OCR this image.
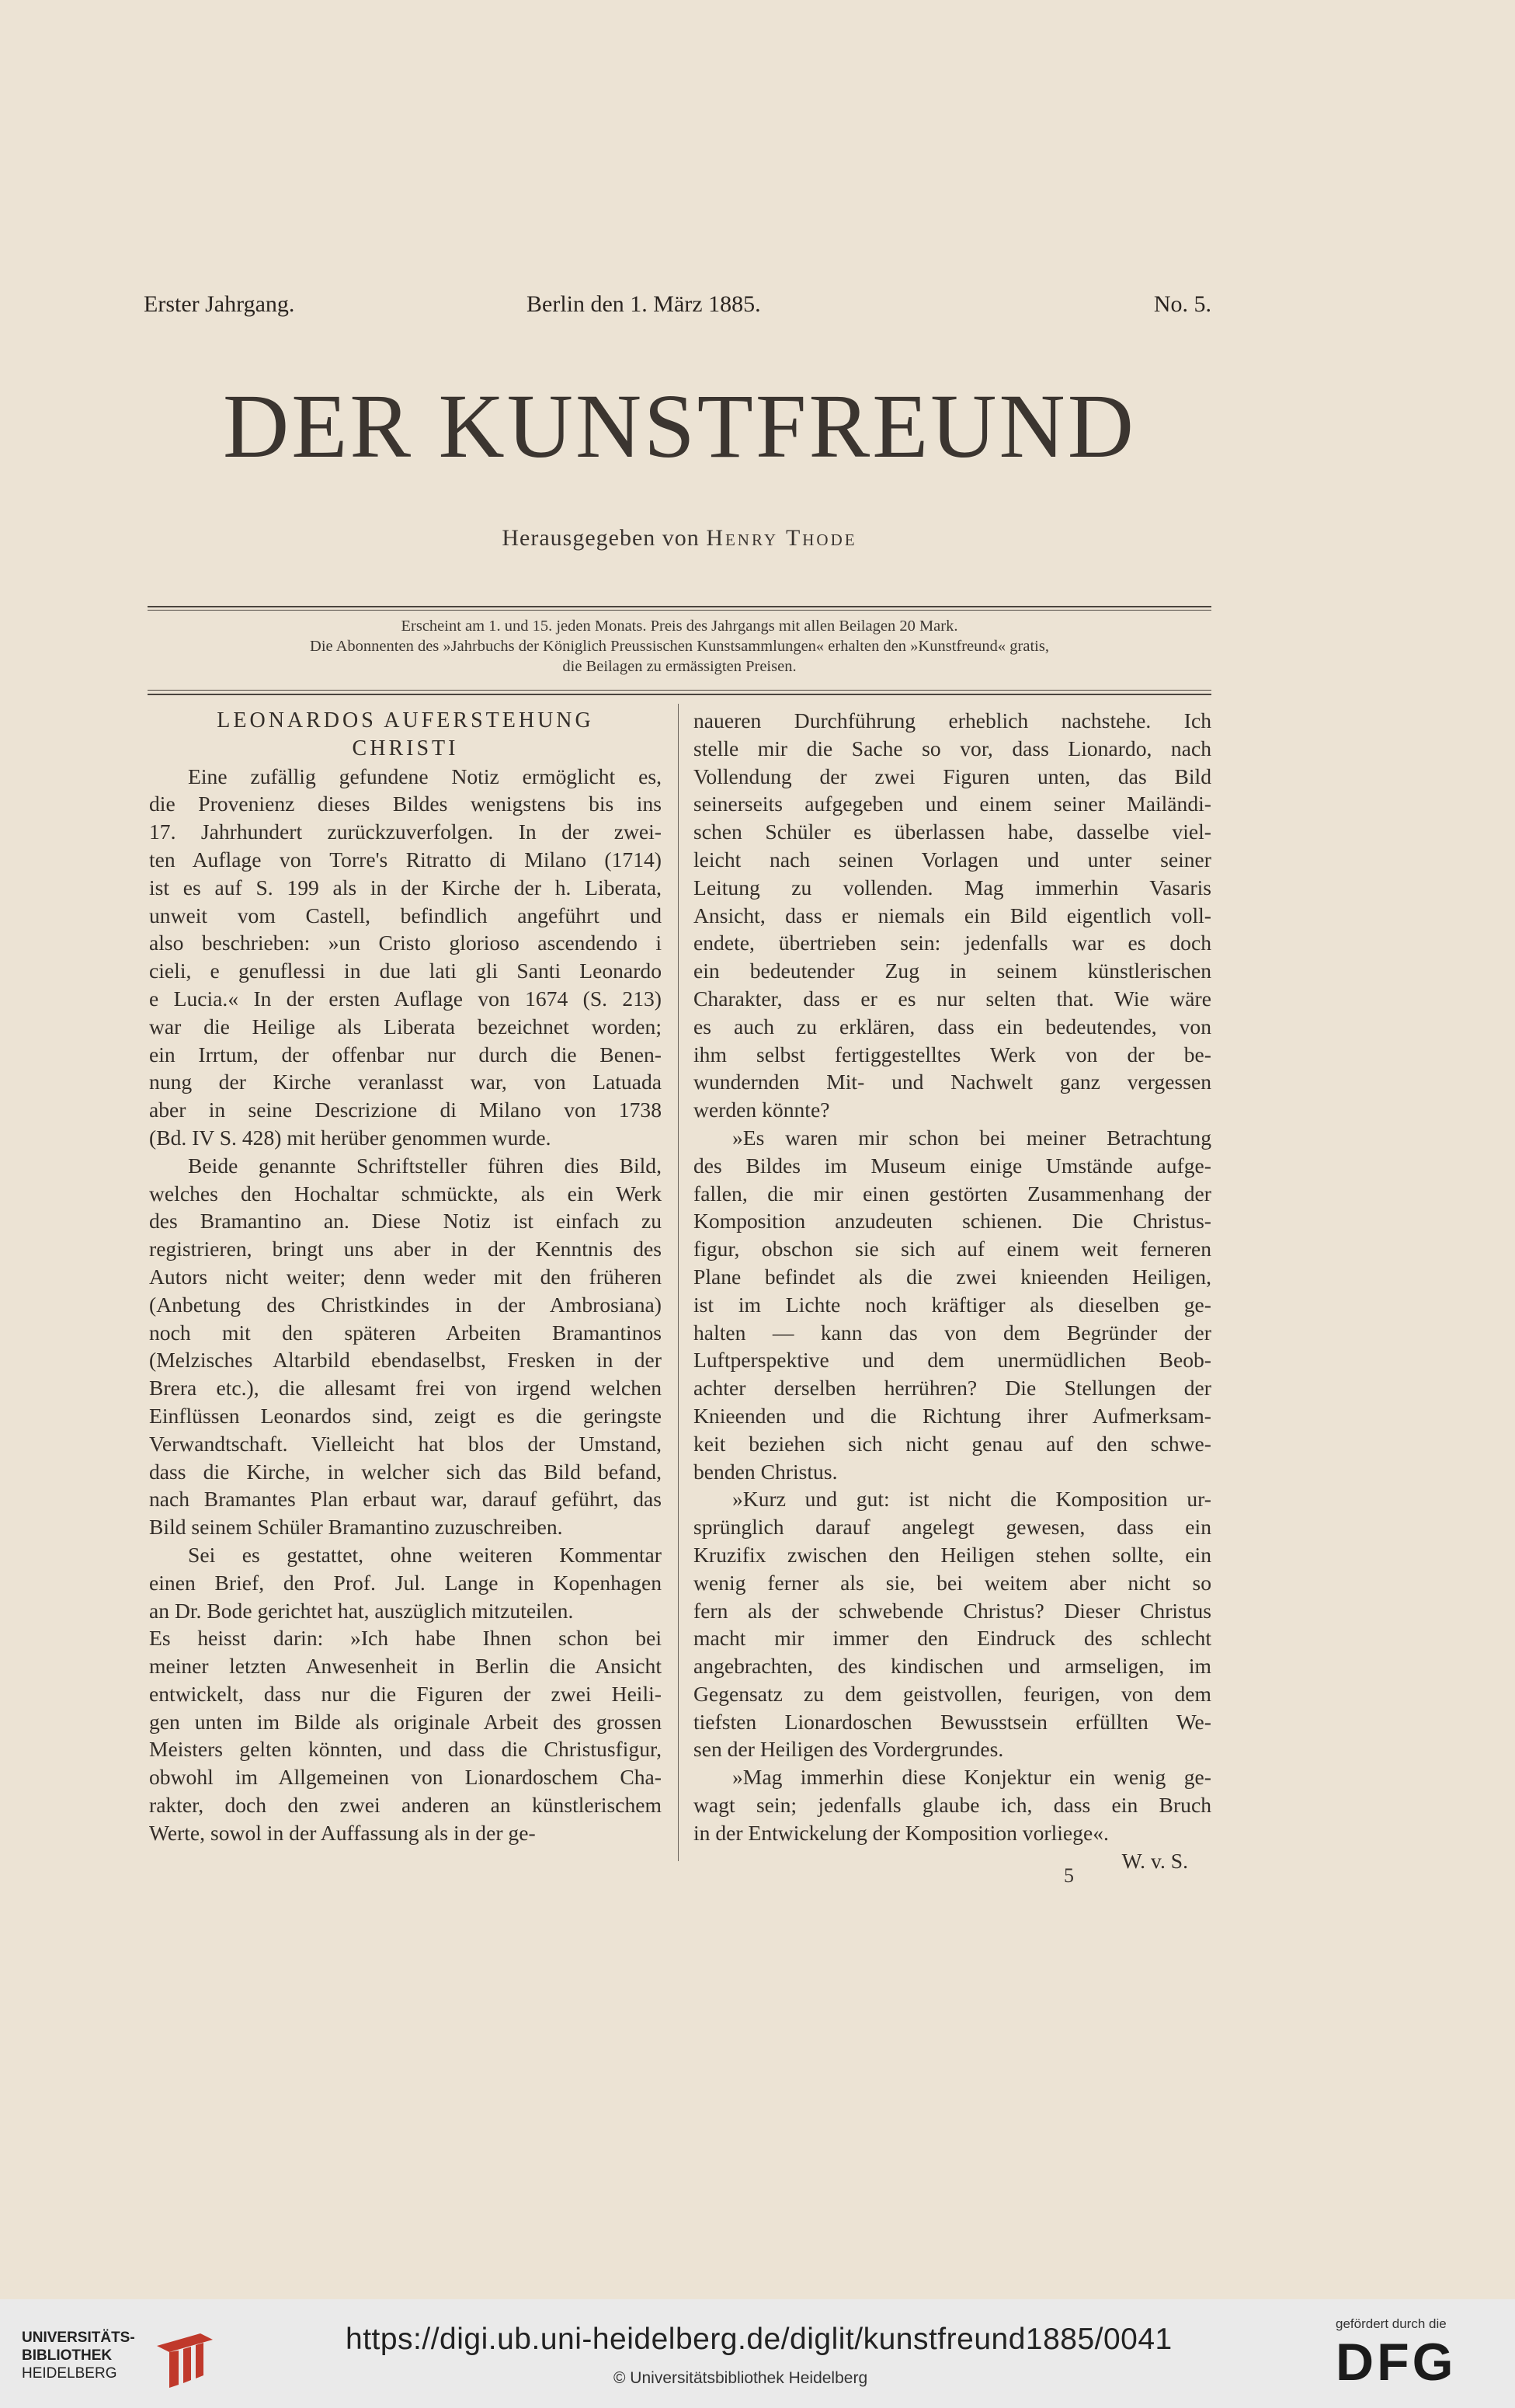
Erster Jahrgang.	Berlin den 1. März 1885.	No. 5.
DER KUNSTFREUND
Herausgegeben von Henry Thode
Erscheint am 1. und 15. jeden Monats. Preis des Jahrgangs mit allen Beilagen 20 Mark.
Die Abonnenten des »Jahrbuchs der Königlich Preussischen Kunstsammlungen« erhalten den »Kunstfreund« gratis,
die Beilagen zu ermässigten Preisen.
LEONARDOS AUFERSTEHUNG
CHRISTI
Eine zufällig gefundene Notiz ermöglicht es,
die Provenienz dieses Bildes wenigstens bis ins
17. Jahrhundert zurückzuverfolgen. In der zwei-
ten Auflage von Torre's Ritratto di Milano (1714)
ist es auf S. 199 als in der Kirche der h. Liberata,
unweit vom Castell, befindlich angeführt und
also beschrieben: »un Cristo glorioso ascendendo i
cieli, e genuflessi in due lati gli Santi Leonardo
e Lucia.« In der ersten Auflage von 1674 (S. 213)
war die Heilige als Liberata bezeichnet worden;
ein Irrtum, der offenbar nur durch die Benen-
nung der Kirche veranlasst war, von Latuada
aber in seine Descrizione di Milano von 1738
(Bd. IV S. 428) mit herüber genommen wurde.
Beide genannte Schriftsteller führen dies Bild,
welches den Hochaltar schmückte, als ein Werk
des Bramantino an. Diese Notiz ist einfach zu
registrieren, bringt uns aber in der Kenntnis des
Autors nicht weiter; denn weder mit den früheren
(Anbetung des Christkindes in der Ambrosiana)
noch mit den späteren Arbeiten Bramantinos
(Melzisches Altarbild ebendaselbst, Fresken in der
Brera etc.), die allesamt frei von irgend welchen
Einflüssen Leonardos sind, zeigt es die geringste
Verwandtschaft. Vielleicht hat blos der Umstand,
dass die Kirche, in welcher sich das Bild befand,
nach Bramantes Plan erbaut war, darauf geführt, das
Bild seinem Schüler Bramantino zuzuschreiben.
Sei es gestattet, ohne weiteren Kommentar
einen Brief, den Prof. Jul. Lange in Kopenhagen
an Dr. Bode gerichtet hat, auszüglich mitzuteilen.
Es heisst darin: »Ich habe Ihnen schon bei
meiner letzten Anwesenheit in Berlin die Ansicht
entwickelt, dass nur die Figuren der zwei Heili-
gen unten im Bilde als originale Arbeit des grossen
Meisters gelten könnten, und dass die Christusfigur,
obwohl im Allgemeinen von Lionardoschem Cha-
rakter, doch den zwei anderen an künstlerischem
Werte, sowol in der Auffassung als in der ge-
naueren Durchführung erheblich nachstehe. Ich
stelle mir die Sache so vor, dass Lionardo, nach
Vollendung der zwei Figuren unten, das Bild
seinerseits aufgegeben und einem seiner Mailändi-
schen Schüler es überlassen habe, dasselbe viel-
leicht nach seinen Vorlagen und unter seiner
Leitung zu vollenden. Mag immerhin Vasaris
Ansicht, dass er niemals ein Bild eigentlich voll-
endete, übertrieben sein: jedenfalls war es doch
ein bedeutender Zug in seinem künstlerischen
Charakter, dass er es nur selten that. Wie wäre
es auch zu erklären, dass ein bedeutendes, von
ihm selbst fertiggestelltes Werk von der be-
wundernden Mit- und Nachwelt ganz vergessen
werden könnte?
»Es waren mir schon bei meiner Betrachtung
des Bildes im Museum einige Umstände aufge-
fallen, die mir einen gestörten Zusammenhang der
Komposition anzudeuten schienen. Die Christus-
figur, obschon sie sich auf einem weit ferneren
Plane befindet als die zwei knieenden Heiligen,
ist im Lichte noch kräftiger als dieselben ge-
halten — kann das von dem Begründer der
Luftperspektive und dem unermüdlichen Beob-
achter derselben herrühren? Die Stellungen der
Knieenden und die Richtung ihrer Aufmerksam-
keit beziehen sich nicht genau auf den schwe-
benden Christus.
»Kurz und gut: ist nicht die Komposition ur-
sprünglich darauf angelegt gewesen, dass ein
Kruzifix zwischen den Heiligen stehen sollte, ein
wenig ferner als sie, bei weitem aber nicht so
fern als der schwebende Christus? Dieser Christus
macht mir immer den Eindruck des schlecht
angebrachten, des kindischen und armseligen, im
Gegensatz zu dem geistvollen, feurigen, von dem
tiefsten Lionardoschen Bewusstsein erfüllten We-
sen der Heiligen des Vordergrundes.
»Mag immerhin diese Konjektur ein wenig ge-
wagt sein; jedenfalls glaube ich, dass ein Bruch
in der Entwickelung der Komposition vorliege«.
W. v. S.
5
UNIVERSITÄTS-
BIBLIOTHEK
HEIDELBERG
https://digi.ub.uni-heidelberg.de/diglit/kunstfreund1885/0041
© Universitätsbibliothek Heidelberg
gefördert durch die
DFG
